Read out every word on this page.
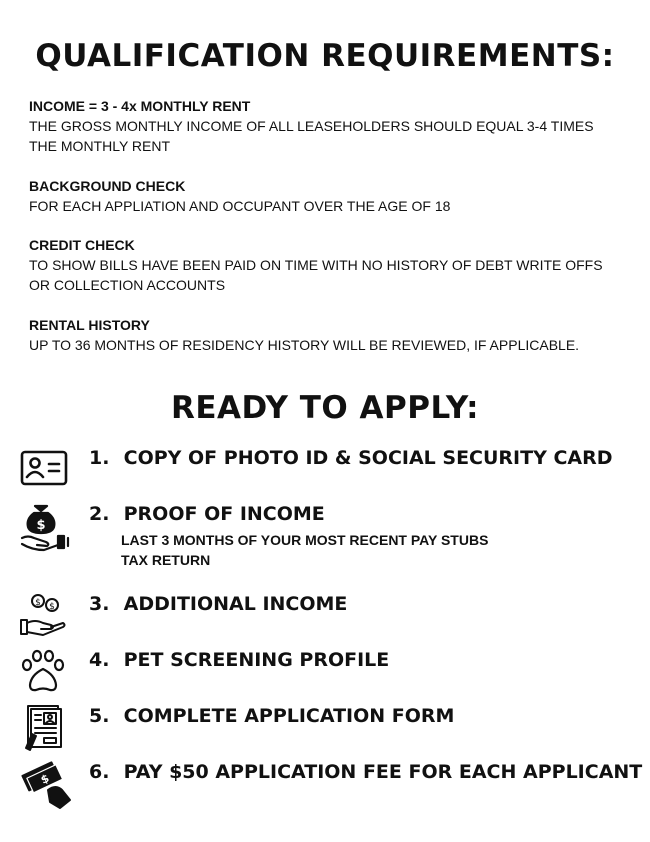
QUALIFICATION REQUIREMENTS:
INCOME = 3 - 4x MONTHLY RENT
THE GROSS MONTHLY INCOME OF ALL LEASEHOLDERS SHOULD EQUAL 3-4 TIMES
THE MONTHLY RENT
BACKGROUND CHECK
FOR EACH APPLIATION AND OCCUPANT OVER THE AGE OF 18
CREDIT CHECK
TO SHOW BILLS HAVE BEEN PAID ON TIME WITH NO HISTORY OF DEBT WRITE OFFS
OR COLLECTION ACCOUNTS
RENTAL HISTORY
UP TO 36 MONTHS OF RESIDENCY HISTORY WILL BE REVIEWED, IF APPLICABLE.
READY TO APPLY:
1. COPY OF PHOTO ID & SOCIAL SECURITY CARD
$
2. PROOF OF INCOME
LAST 3 MONTHS OF YOUR MOST RECENT PAY STUBS
TAX RETURN
$ $ 3. ADDITIONAL INCOME
4. PET SCREENING PROFILE
5. COMPLETE APPLICATION FORM
$ 6. PAY $50 APPLICATION FEE FOR EACH APPLICANT
